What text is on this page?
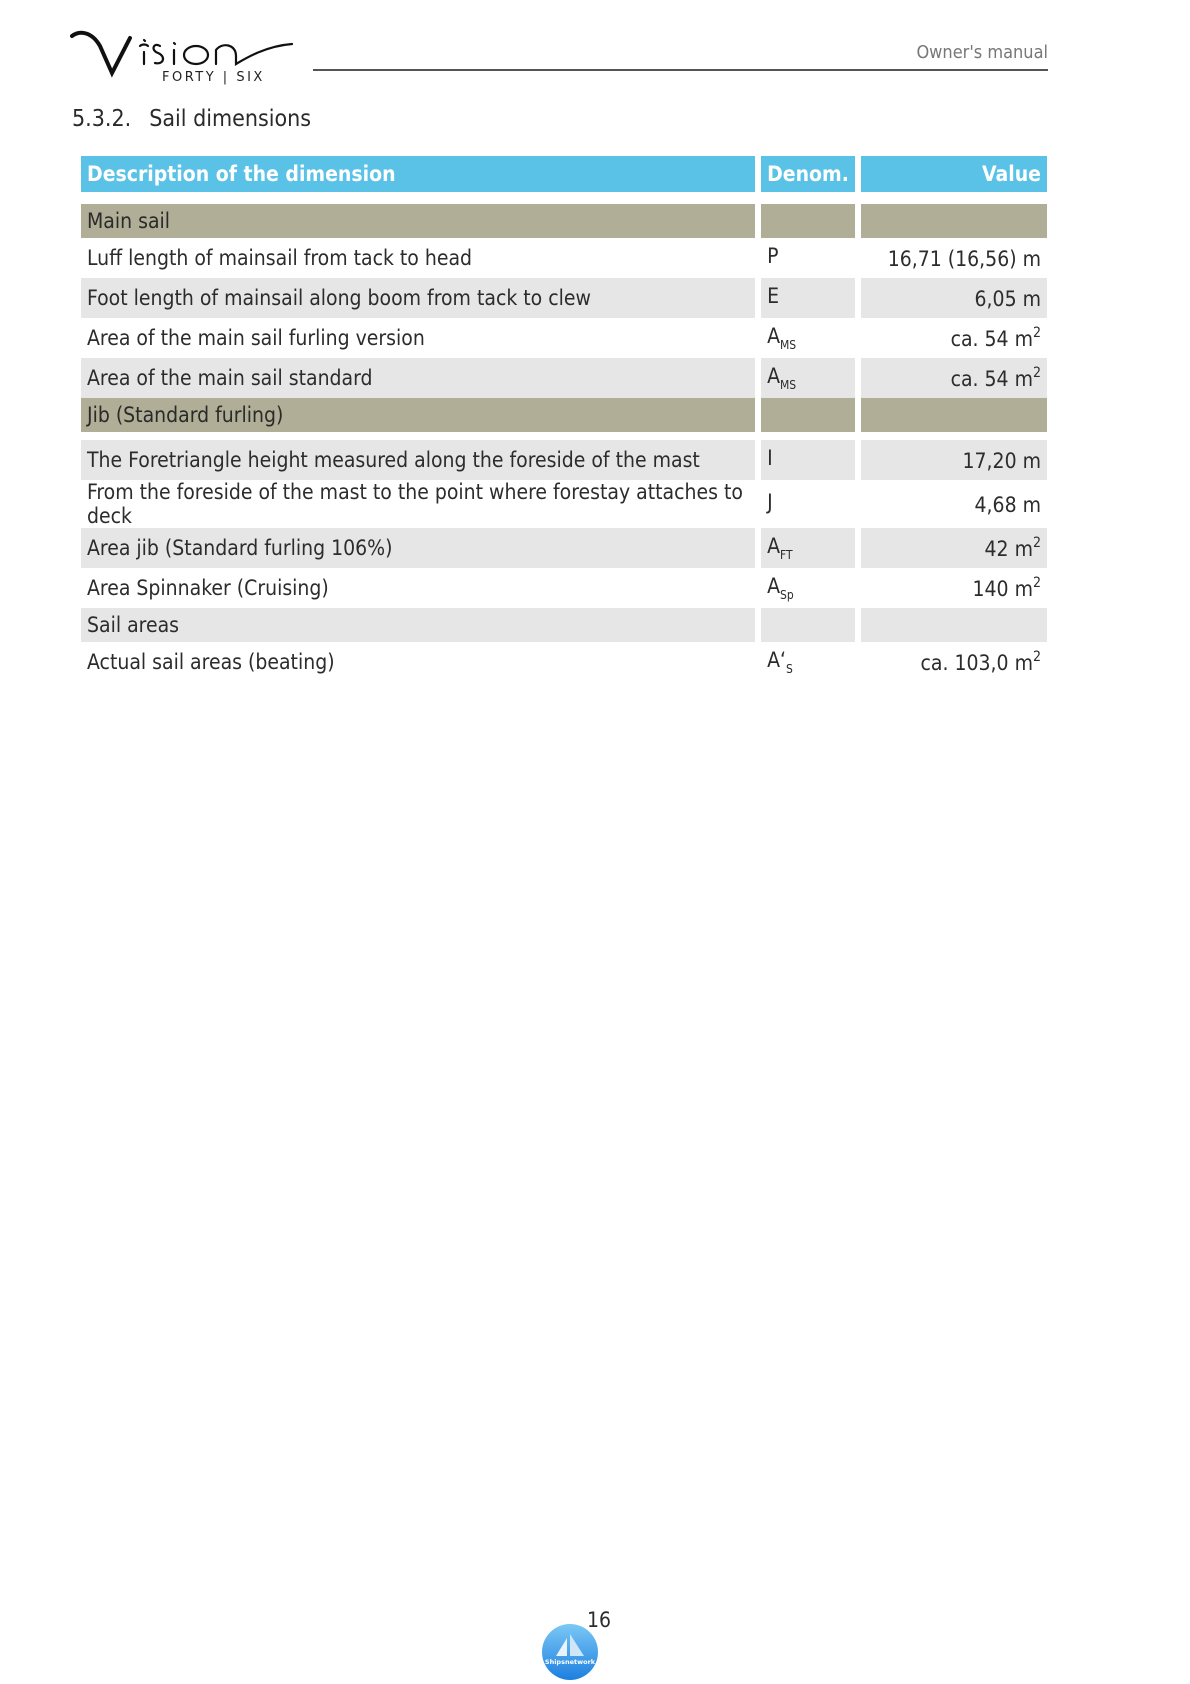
FORTY | SIX
Owner's manual
5.3.2. Sail dimensions
Description of the dimension	Denom.	Value
Main sail		
Luff length of mainsail from tack to head	P	16,71 (16,56) m
Foot length of mainsail along boom from tack to clew	E	6,05 m
Area of the main sail furling version	$A_{MS}$	ca. 54 $m^2$
Area of the main sail standard	$A_{MS}$	ca. 54 $m^2$
Jib (Standard furling)		

The Foretriangle height measured along the foreside of the mast	I	17,20 m
From the foreside of the mast to the point where forestay attaches to deck	J	4,68 m
Area jib (Standard furling 106%)	$A_{FT}$	42 $m^2$
Area Spinnaker (Cruising)	$A_{Sp}$	140 $m^2$
Sail areas		
Actual sail areas (beating)	$A‘_S$	ca. 103,0 $m^2$
16
Shipsnetwork
